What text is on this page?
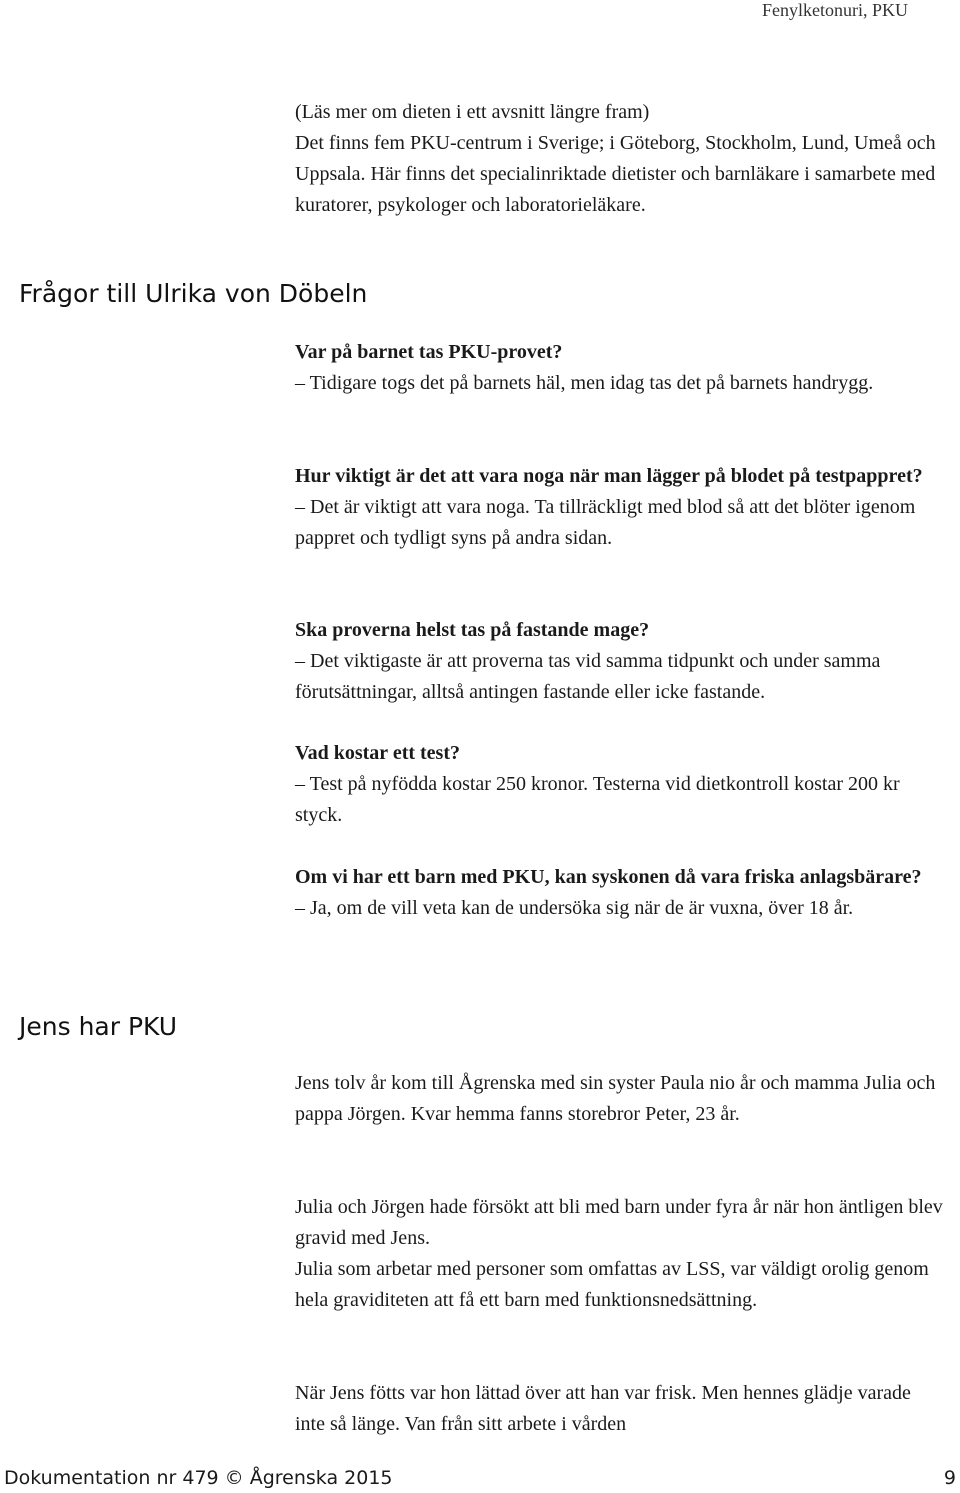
Fenylketonuri, PKU
Frågor till Ulrika von Döbeln
Jens har PKU

(Läs mer om dieten i ett avsnitt längre fram)

Det finns fem PKU-centrum i Sverige; i Göteborg, Stockholm, Lund, Umeå och Uppsala. Här finns det specialinriktade dietister och barnläkare i samarbete med kuratorer, psykologer och laboratorieläkare.

Var på barnet tas PKU-provet?

– Tidigare togs det på barnets häl, men idag tas det på barnets handrygg.

Hur viktigt är det att vara noga när man lägger på blodet på testpappret?

– Det är viktigt att vara noga. Ta tillräckligt med blod så att det blöter igenom pappret och tydligt syns på andra sidan.

Ska proverna helst tas på fastande mage?

– Det viktigaste är att proverna tas vid samma tidpunkt och under samma förutsättningar, alltså antingen fastande eller icke fastande.

Vad kostar ett test?

– Test på nyfödda kostar 250 kronor. Testerna vid dietkontroll kostar 200 kr styck.

Om vi har ett barn med PKU, kan syskonen då vara friska anlagsbärare?

– Ja, om de vill veta kan de undersöka sig när de är vuxna, över 18 år.

Jens tolv år kom till Ågrenska med sin syster Paula nio år och mamma Julia och pappa Jörgen. Kvar hemma fanns storebror Peter, 23 år.

Julia och Jörgen hade försökt att bli med barn under fyra år när hon äntligen blev gravid med Jens.

Julia som arbetar med personer som omfattas av LSS, var väldigt orolig genom hela graviditeten att få ett barn med funktionsnedsättning.

När Jens fötts var hon lättad över att han var frisk. Men hennes glädje varade inte så länge. Van från sitt arbete i vården

Dokumentation nr 479 © Ågrenska 2015	9
